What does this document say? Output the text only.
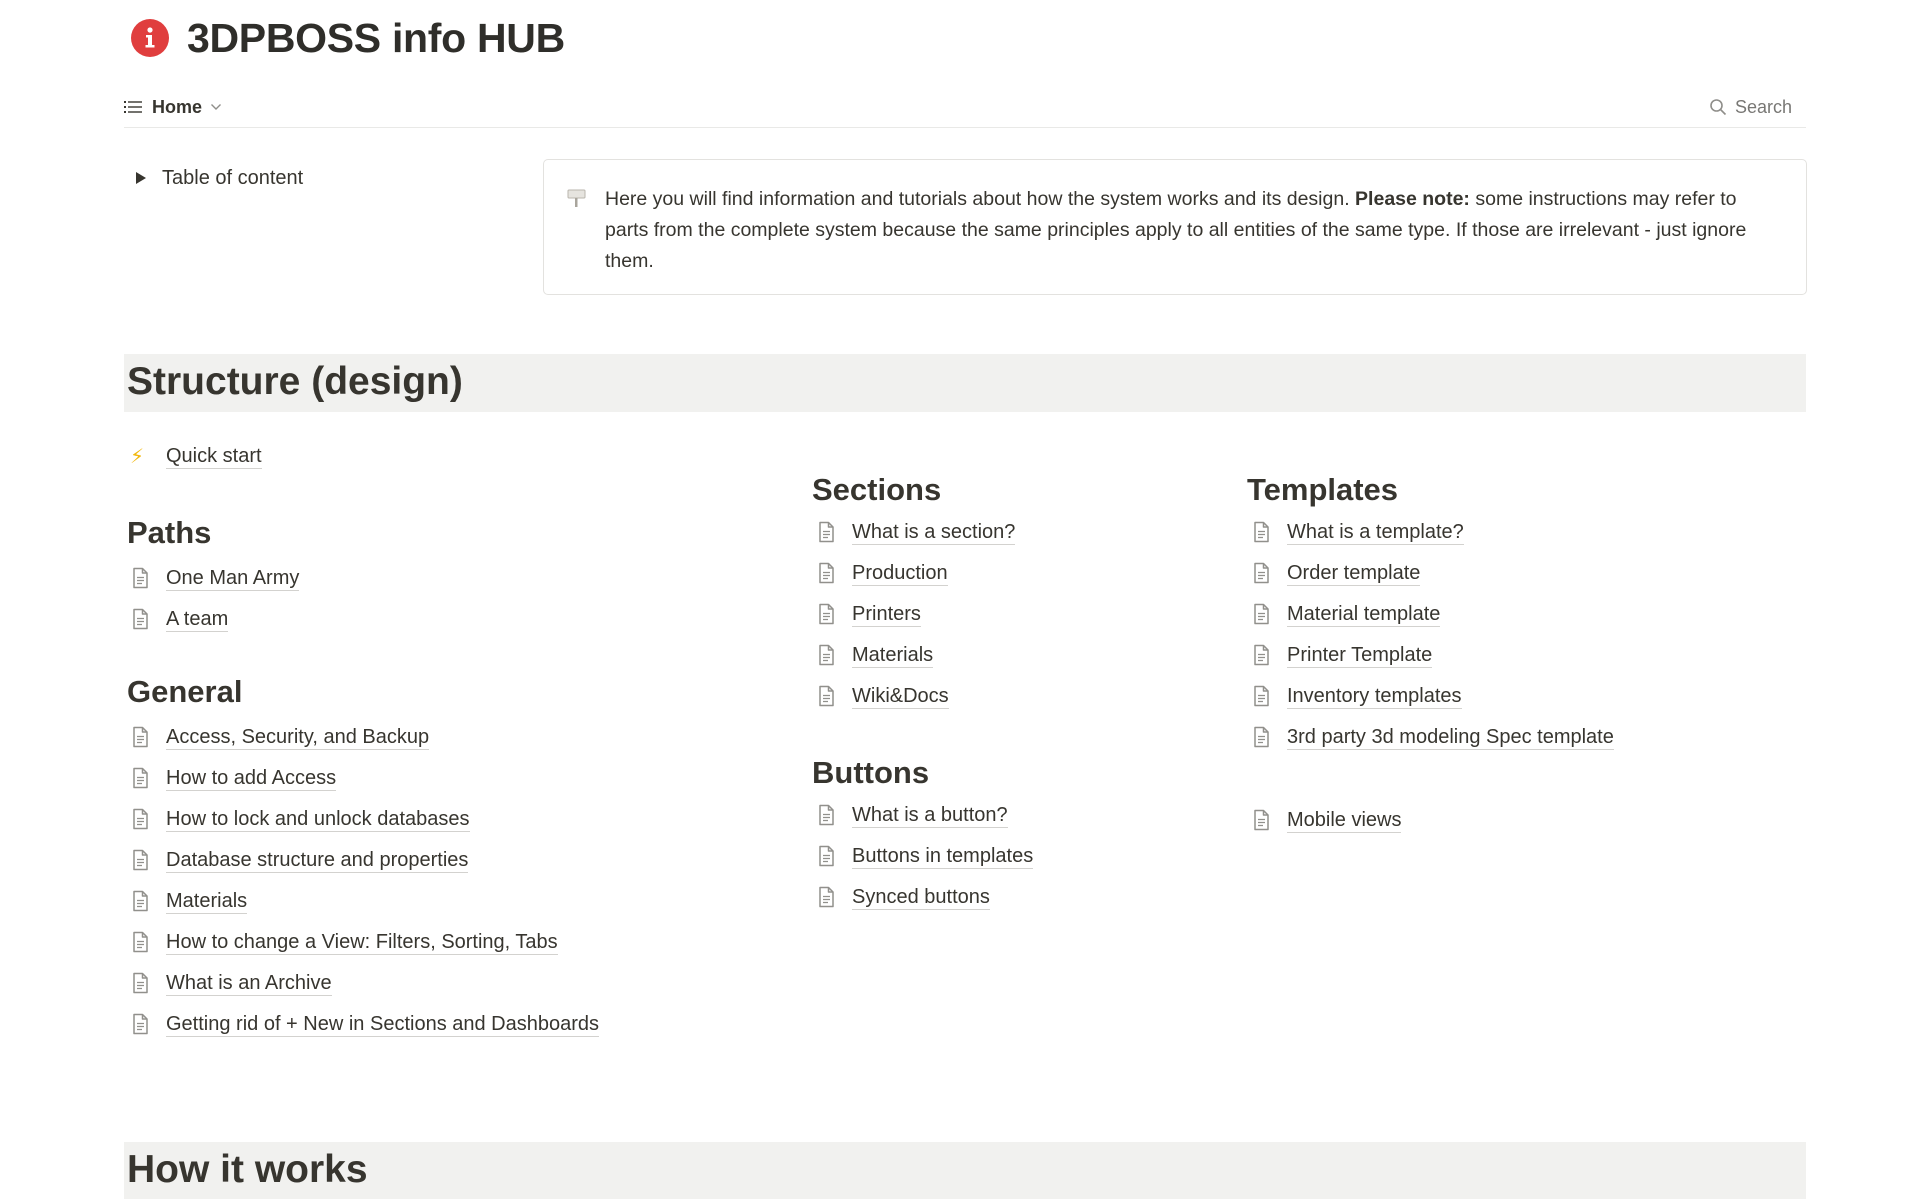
3DPBOSS info HUB
Home	Search
Table of content

Here you will find information and tutorials about how the system works and its design. Please note: some instructions may refer to parts from the complete system because the same principles apply to all entities of the same type. If those are irrelevant - just ignore them.

Structure (design)
⚡	Quick start
Paths
One Man Army
A team
General
Access, Security, and Backup
How to add Access
How to lock and unlock databases
Database structure and properties
Materials
How to change a View: Filters, Sorting, Tabs
What is an Archive
Getting rid of + New in Sections and Dashboards
Sections
What is a section?
Production
Printers
Materials
Wiki&Docs
Buttons
What is a button?
Buttons in templates
Synced buttons
Templates
What is a template?
Order template
Material template
Printer Template
Inventory templates
3rd party 3d modeling Spec template
Mobile views
How it works
